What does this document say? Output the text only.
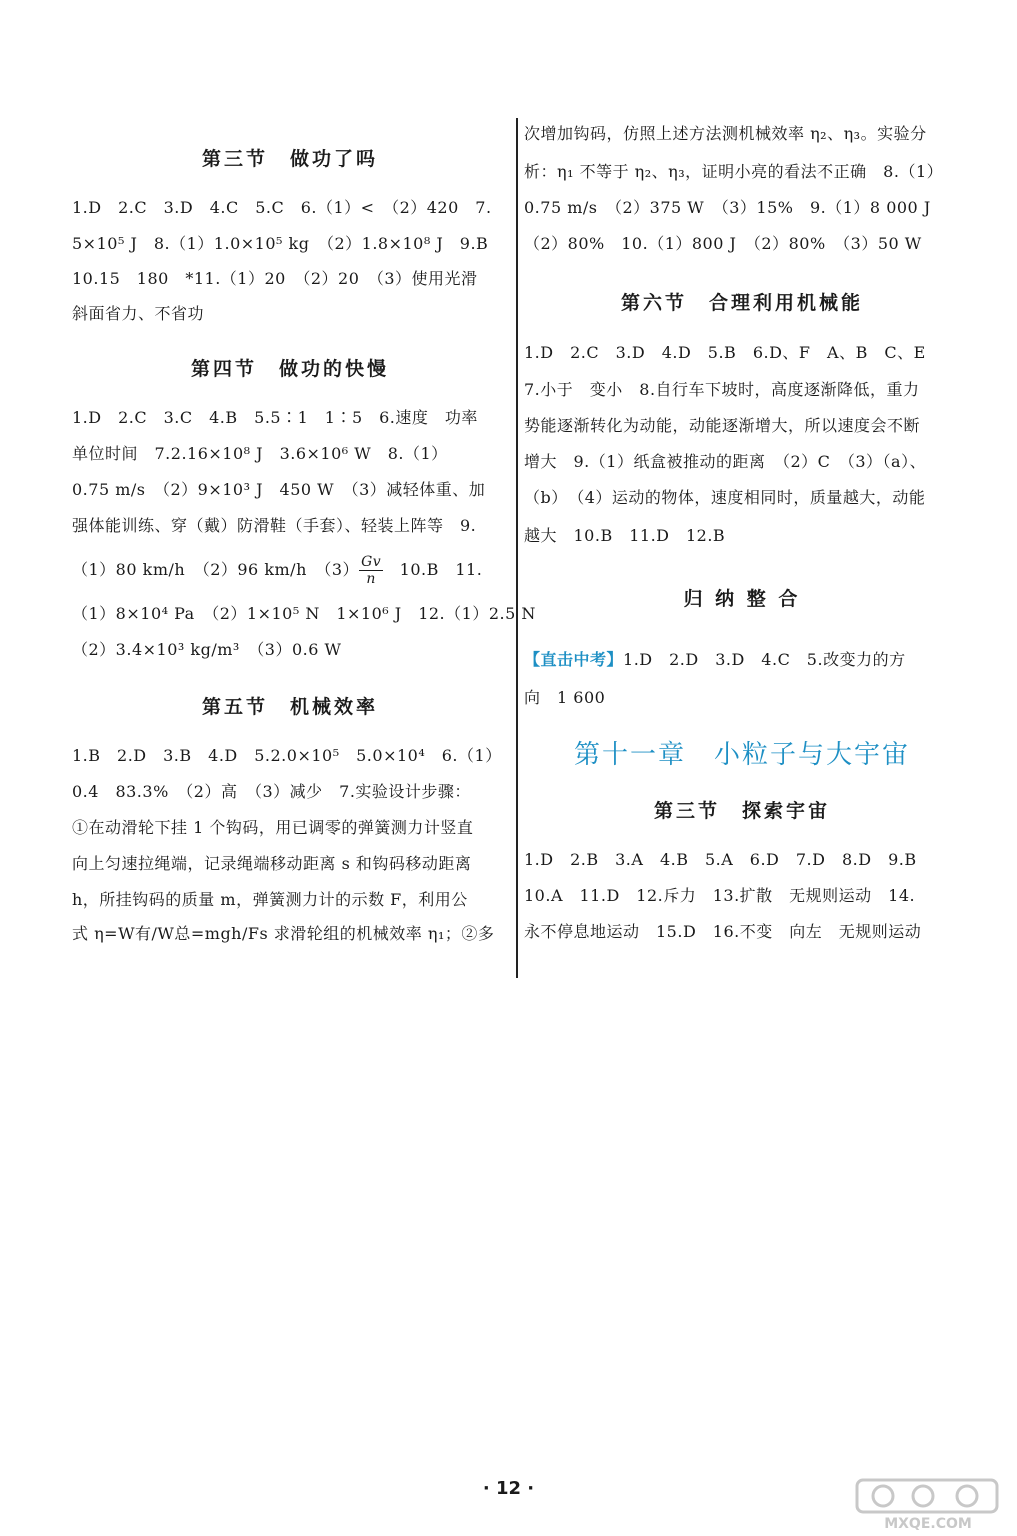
第三节　做功了吗
1.D　2.C　3.D　4.C　5.C　6.（1）<　（2）420　7.
5×10⁵ J　8.（1）1.0×10⁵ kg　（2）1.8×10⁸ J　9.B
10.15　180　*11.（1）20　（2）20　（3）使用光滑
斜面省力、不省功
第四节　做功的快慢
1.D　2.C　3.C　4.B　5.5∶1　1∶5　6.速度　功率
单位时间　7.2.16×10⁸ J　3.6×10⁶ W　8.（1）
0.75 m/s　（2）9×10³ J　450 W　（3）减轻体重、加
强体能训练、穿（戴）防滑鞋（手套）、轻装上阵等　9.
（1）80 km/h　（2）96 km/h　$(3) \frac{Gv}{n}$ 　10.B　11.
（1）8×10⁴ Pa　（2）1×10⁵ N　1×10⁶ J　12.（1）2.5 N
（2）3.4×10³ kg/m³　（3）0.6 W
第五节　机械效率
1.B　2.D　3.B　4.D　5.2.0×10⁵　5.0×10⁴　6.（1）
0.4　83.3%　（2）高　（3）减少　7.实验设计步骤：
①在动滑轮下挂 1 个钩码，用已调零的弹簧测力计竖直
向上匀速拉绳端，记录绳端移动距离 s 和钩码移动距离
h，所挂钩码的质量 m，弹簧测力计的示数 F，利用公
式 η=W有/W总=mgh/Fs 求滑轮组的机械效率 η₁；②多
次增加钩码，仿照上述方法测机械效率 η₂、η₃。实验分
析：η₁ 不等于 η₂、η₃，证明小亮的看法不正确　8.（1）
0.75 m/s　（2）375 W　（3）15%　9.（1）8 000 J
（2）80%　10.（1）800 J　（2）80%　（3）50 W
第六节　合理利用机械能
1.D　2.C　3.D　4.D　5.B　6.D、F　A、B　C、E
7.小于　变小　8.自行车下坡时，高度逐渐降低，重力
势能逐渐转化为动能，动能逐渐增大，所以速度会不断
增大　9.（1）纸盒被推动的距离　（2）C　（3）（a）、
（b）　（4）运动的物体，速度相同时，质量越大，动能
越大　10.B　11.D　12.B
归 纳 整 合
【直击中考】1.D　2.D　3.D　4.C　5.改变力的方
向　1 600
第十一章　小粒子与大宇宙
第三节　探索宇宙
1.D　2.B　3.A　4.B　5.A　6.D　7.D　8.D　9.B
10.A　11.D　12.斥力　13.扩散　无规则运动　14.
永不停息地运动　15.D　16.不变　向左　无规则运动
· 12 ·
MXQE.COM
